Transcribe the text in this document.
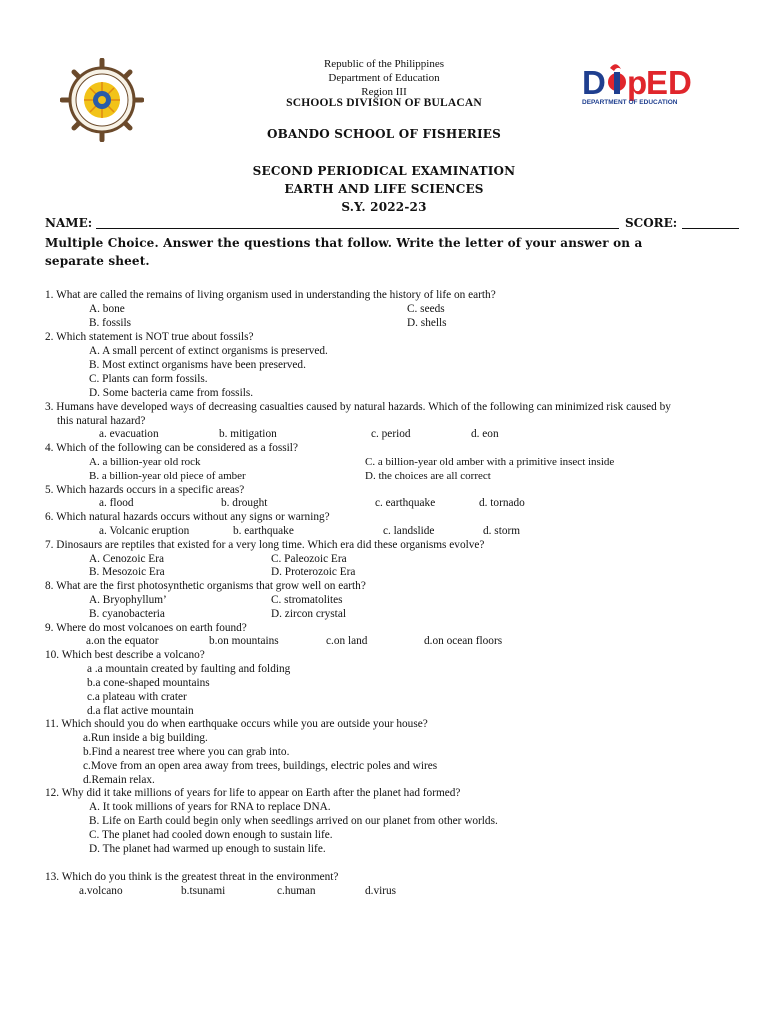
D p
ED
DEPARTMENT OF EDUCATION
Republic of the Philippines
Department of Education
Region III
SCHOOLS DIVISION OF BULACAN
OBANDO SCHOOL OF FISHERIES
SECOND PERIODICAL EXAMINATION
EARTH AND LIFE SCIENCES
S.Y. 2022-23
NAME:	SCORE:
Multiple Choice. Answer the questions that follow. Write the letter of your answer on a separate sheet.
1. What are called the remains of living organism used in understanding the history of life on earth?
A. bone	C. seeds
B. fossils	D. shells
2. Which statement is NOT true about fossils?
A. A small percent of extinct organisms is preserved.
B. Most extinct organisms have been preserved.
C. Plants can form fossils.
D. Some bacteria came from fossils.
3. Humans have developed ways of decreasing casualties caused by natural hazards. Which of the following can minimized risk caused by this natural hazard?
a. evacuation	b. mitigation	c. period	d. eon
4. Which of the following can be considered as a fossil?
A. a billion-year old rock	C. a billion-year old amber with a primitive insect inside
B. a billion-year old piece of amber	D. the choices are all correct
5. Which hazards occurs in a specific areas?
a. flood	b. drought	c. earthquake	d. tornado
6. Which natural hazards occurs without any signs or warning?
a. Volcanic eruption	b. earthquake	c. landslide	d. storm
7. Dinosaurs are reptiles that existed for a very long time. Which era did these organisms evolve?
A. Cenozoic Era	C. Paleozoic Era
B. Mesozoic Era	D. Proterozoic Era
8. What are the first photosynthetic organisms that grow well on earth?
A. Bryophyllum’	C. stromatolites
B. cyanobacteria	D. zircon crystal
9. Where do most volcanoes on earth found?
a.on the equator	b.on mountains	c.on land	d.on ocean floors
10. Which best describe a volcano?
a .a mountain created by faulting and folding
b.a cone-shaped mountains
c.a plateau with crater
d.a flat active mountain
11. Which should you do when earthquake occurs while you are outside your house?
a.Run inside a big building.
b.Find a nearest tree where you can grab into.
c.Move from an open area away from trees, buildings, electric poles and wires
d.Remain relax.
12. Why did it take millions of years for life to appear on Earth after the planet had formed?
A. It took millions of years for RNA to replace DNA.
B. Life on Earth could begin only when seedlings arrived on our planet from other worlds.
C. The planet had cooled down enough to sustain life.
D. The planet had warmed up enough to sustain life.
13. Which do you think is the greatest threat in the environment?
a.volcano	b.tsunami	c.human	d.virus
